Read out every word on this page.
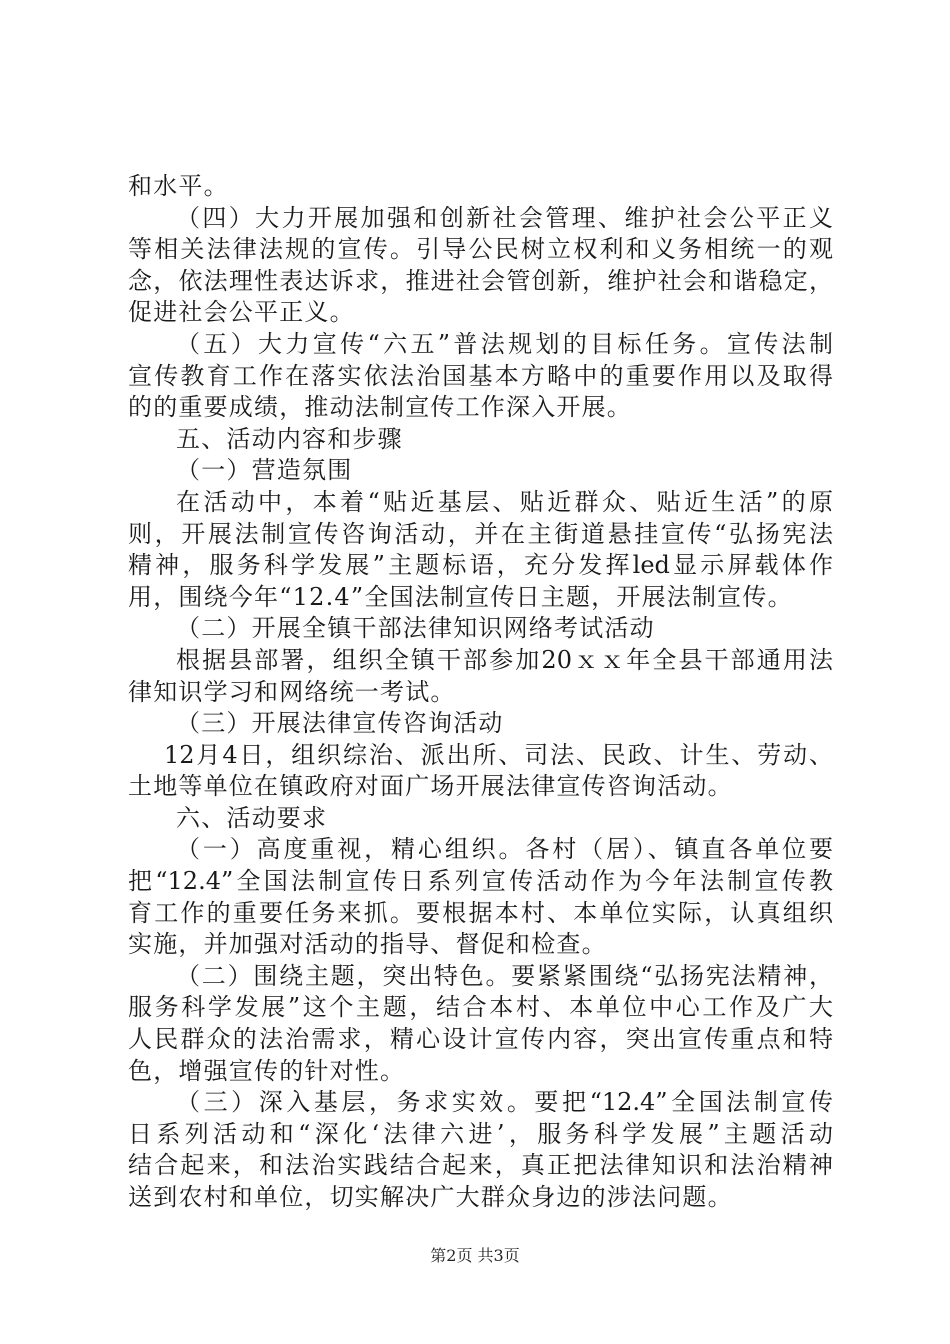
和水平。
（四）大力开展加强和创新社会管理、维护社会公平正义
等相关法律法规的宣传。引导公民树立权利和义务相统一的观
念，依法理性表达诉求，推进社会管创新，维护社会和谐稳定，
促进社会公平正义。
（五）大力宣传“六五”普法规划的目标任务。宣传法制
宣传教育工作在落实依法治国基本方略中的重要作用以及取得
的的重要成绩，推动法制宣传工作深入开展。
五、活动内容和步骤
（一）营造氛围
在活动中，本着“贴近基层、贴近群众、贴近生活”的原
则，开展法制宣传咨询活动，并在主街道悬挂宣传“弘扬宪法
精神，服务科学发展”主题标语，充分发挥led显示屏载体作
用，围绕今年“12.4”全国法制宣传日主题，开展法制宣传。
（二）开展全镇干部法律知识网络考试活动
根据县部署，组织全镇干部参加20ｘｘ年全县干部通用法
律知识学习和网络统一考试。
（三）开展法律宣传咨询活动
12月4日，组织综治、派出所、司法、民政、计生、劳动、
土地等单位在镇政府对面广场开展法律宣传咨询活动。
六、活动要求
（一）高度重视，精心组织。各村（居）、镇直各单位要
把“12.4”全国法制宣传日系列宣传活动作为今年法制宣传教
育工作的重要任务来抓。要根据本村、本单位实际，认真组织
实施，并加强对活动的指导、督促和检查。
（二）围绕主题，突出特色。要紧紧围绕“弘扬宪法精神，
服务科学发展”这个主题，结合本村、本单位中心工作及广大
人民群众的法治需求，精心设计宣传内容，突出宣传重点和特
色，增强宣传的针对性。
（三）深入基层，务求实效。要把“12.4”全国法制宣传
日系列活动和“深化‘法律六进’，服务科学发展”主题活动
结合起来，和法治实践结合起来，真正把法律知识和法治精神
送到农村和单位，切实解决广大群众身边的涉法问题。
第2页 共3页
